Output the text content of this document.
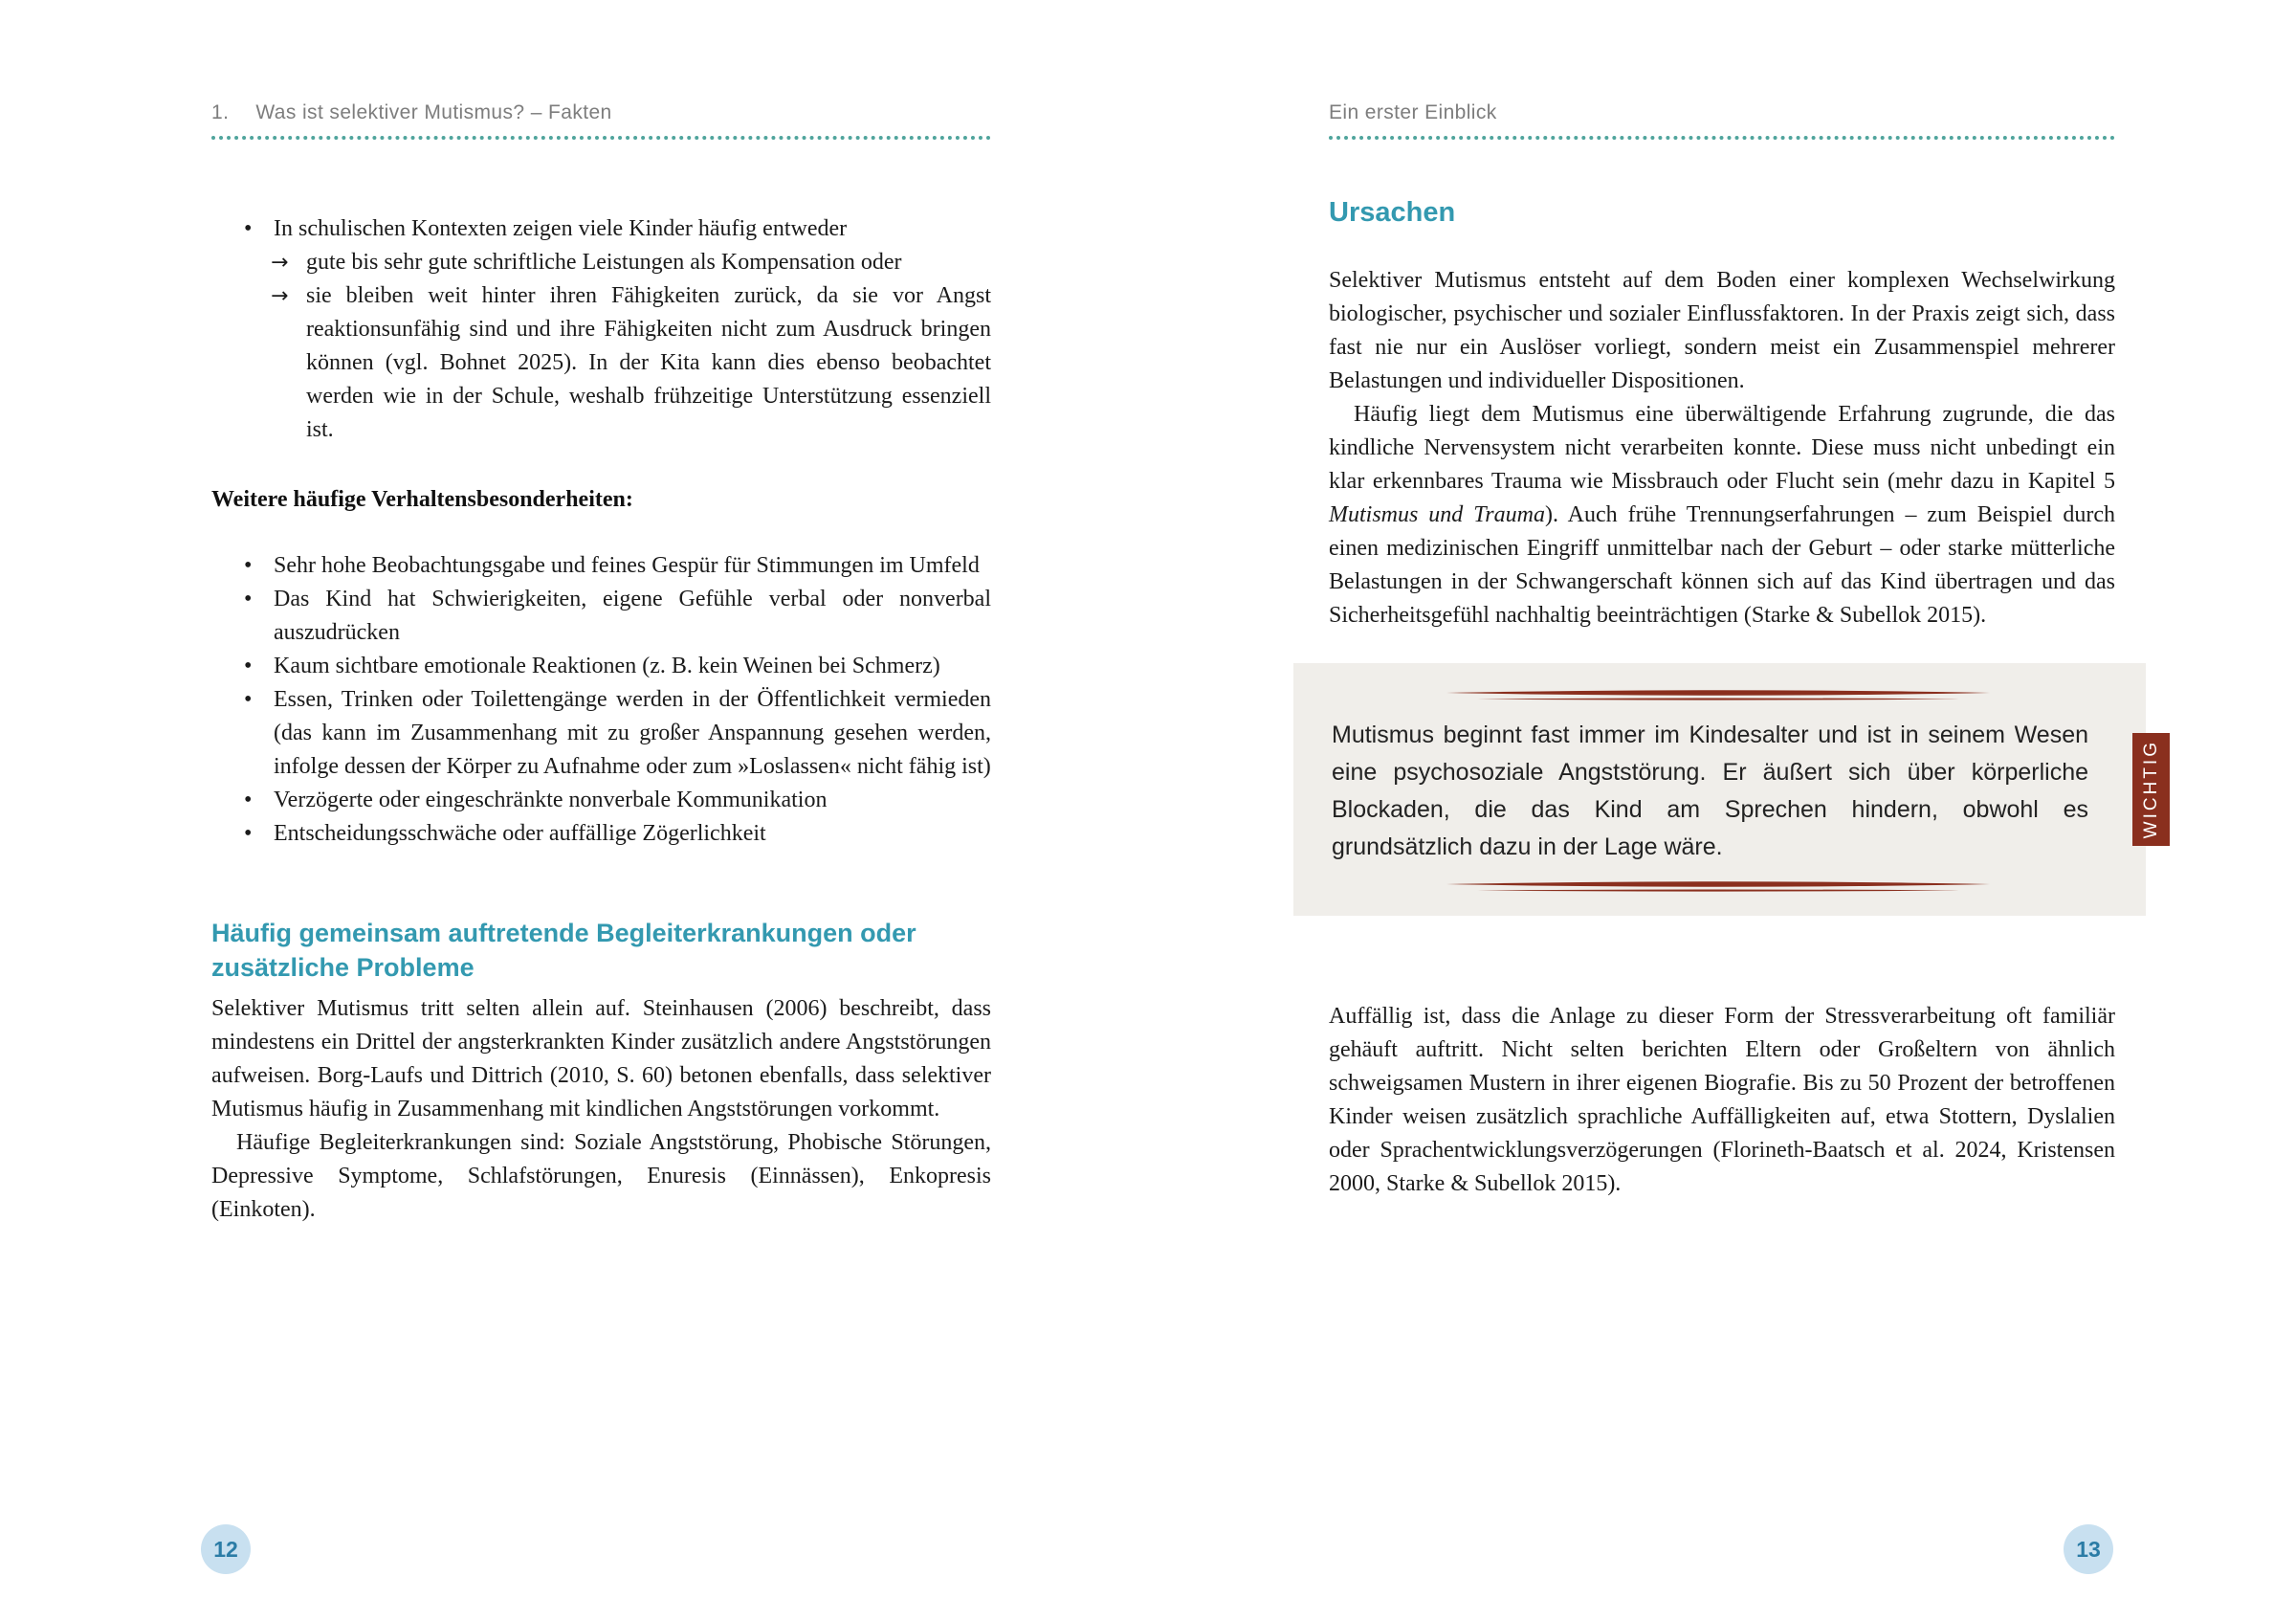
1. Was ist selektiver Mutismus? – Fakten
• In schulischen Kontexten zeigen viele Kinder häufig entweder
→ gute bis sehr gute schriftliche Leistungen als Kompensation oder
→ sie bleiben weit hinter ihren Fähigkeiten zurück, da sie vor Angst reaktionsunfähig sind und ihre Fähigkeiten nicht zum Ausdruck bringen können (vgl. Bohnet 2025). In der Kita kann dies ebenso beobachtet werden wie in der Schule, weshalb frühzeitige Unterstützung essenziell ist.
Weitere häufige Verhaltensbesonderheiten:
• Sehr hohe Beobachtungsgabe und feines Gespür für Stimmungen im Umfeld
• Das Kind hat Schwierigkeiten, eigene Gefühle verbal oder nonverbal auszudrücken
• Kaum sichtbare emotionale Reaktionen (z. B. kein Weinen bei Schmerz)
• Essen, Trinken oder Toilettengänge werden in der Öffentlichkeit vermieden (das kann im Zusammenhang mit zu großer Anspannung gesehen werden, infolge dessen der Körper zu Aufnahme oder zum »Loslassen« nicht fähig ist)
• Verzögerte oder eingeschränkte nonverbale Kommunikation
• Entscheidungsschwäche oder auffällige Zögerlichkeit
Häufig gemeinsam auftretende Begleiterkrankungen oder zusätzliche Probleme

Selektiver Mutismus tritt selten allein auf. Steinhausen (2006) beschreibt, dass mindestens ein Drittel der angsterkrankten Kinder zusätzlich andere Angststörungen aufweisen. Borg-Laufs und Dittrich (2010, S. 60) betonen ebenfalls, dass selektiver Mutismus häufig in Zusammenhang mit kindlichen Angststörungen vorkommt.

Häufige Begleiterkrankungen sind: Soziale Angststörung, Phobische Störungen, Depressive Symptome, Schlafstörungen, Enuresis (Einnässen), Enkopresis (Einkoten).

Ein erster Einblick
Ursachen

Selektiver Mutismus entsteht auf dem Boden einer komplexen Wechselwirkung biologischer, psychischer und sozialer Einflussfaktoren. In der Praxis zeigt sich, dass fast nie nur ein Auslöser vorliegt, sondern meist ein Zusammenspiel mehrerer Belastungen und individueller Dispositionen.

Häufig liegt dem Mutismus eine überwältigende Erfahrung zugrunde, die das kindliche Nervensystem nicht verarbeiten konnte. Diese muss nicht unbedingt ein klar erkennbares Trauma wie Missbrauch oder Flucht sein (mehr dazu in Kapitel 5 Mutismus und Trauma). Auch frühe Trennungserfahrungen – zum Beispiel durch einen medizinischen Eingriff unmittelbar nach der Geburt – oder starke mütterliche Belastungen in der Schwangerschaft können sich auf das Kind übertragen und das Sicherheitsgefühl nachhaltig beeinträchtigen (Starke & Subellok 2015).

Mutismus beginnt fast immer im Kindesalter und ist in seinem Wesen eine psychosoziale Angststörung. Er äußert sich über körperliche Blockaden, die das Kind am Sprechen hindern, obwohl es grundsätzlich dazu in der Lage wäre.

WICHTIG

Auffällig ist, dass die Anlage zu dieser Form der Stressverarbeitung oft familiär gehäuft auftritt. Nicht selten berichten Eltern oder Großeltern von ähnlich schweigsamen Mustern in ihrer eigenen Biografie. Bis zu 50 Prozent der betroffenen Kinder weisen zusätzlich sprachliche Auffälligkeiten auf, etwa Stottern, Dyslalien oder Sprachentwicklungsverzögerungen (Florineth-Baatsch et al. 2024, Kristensen 2000, Starke & Subellok 2015).

12	13
